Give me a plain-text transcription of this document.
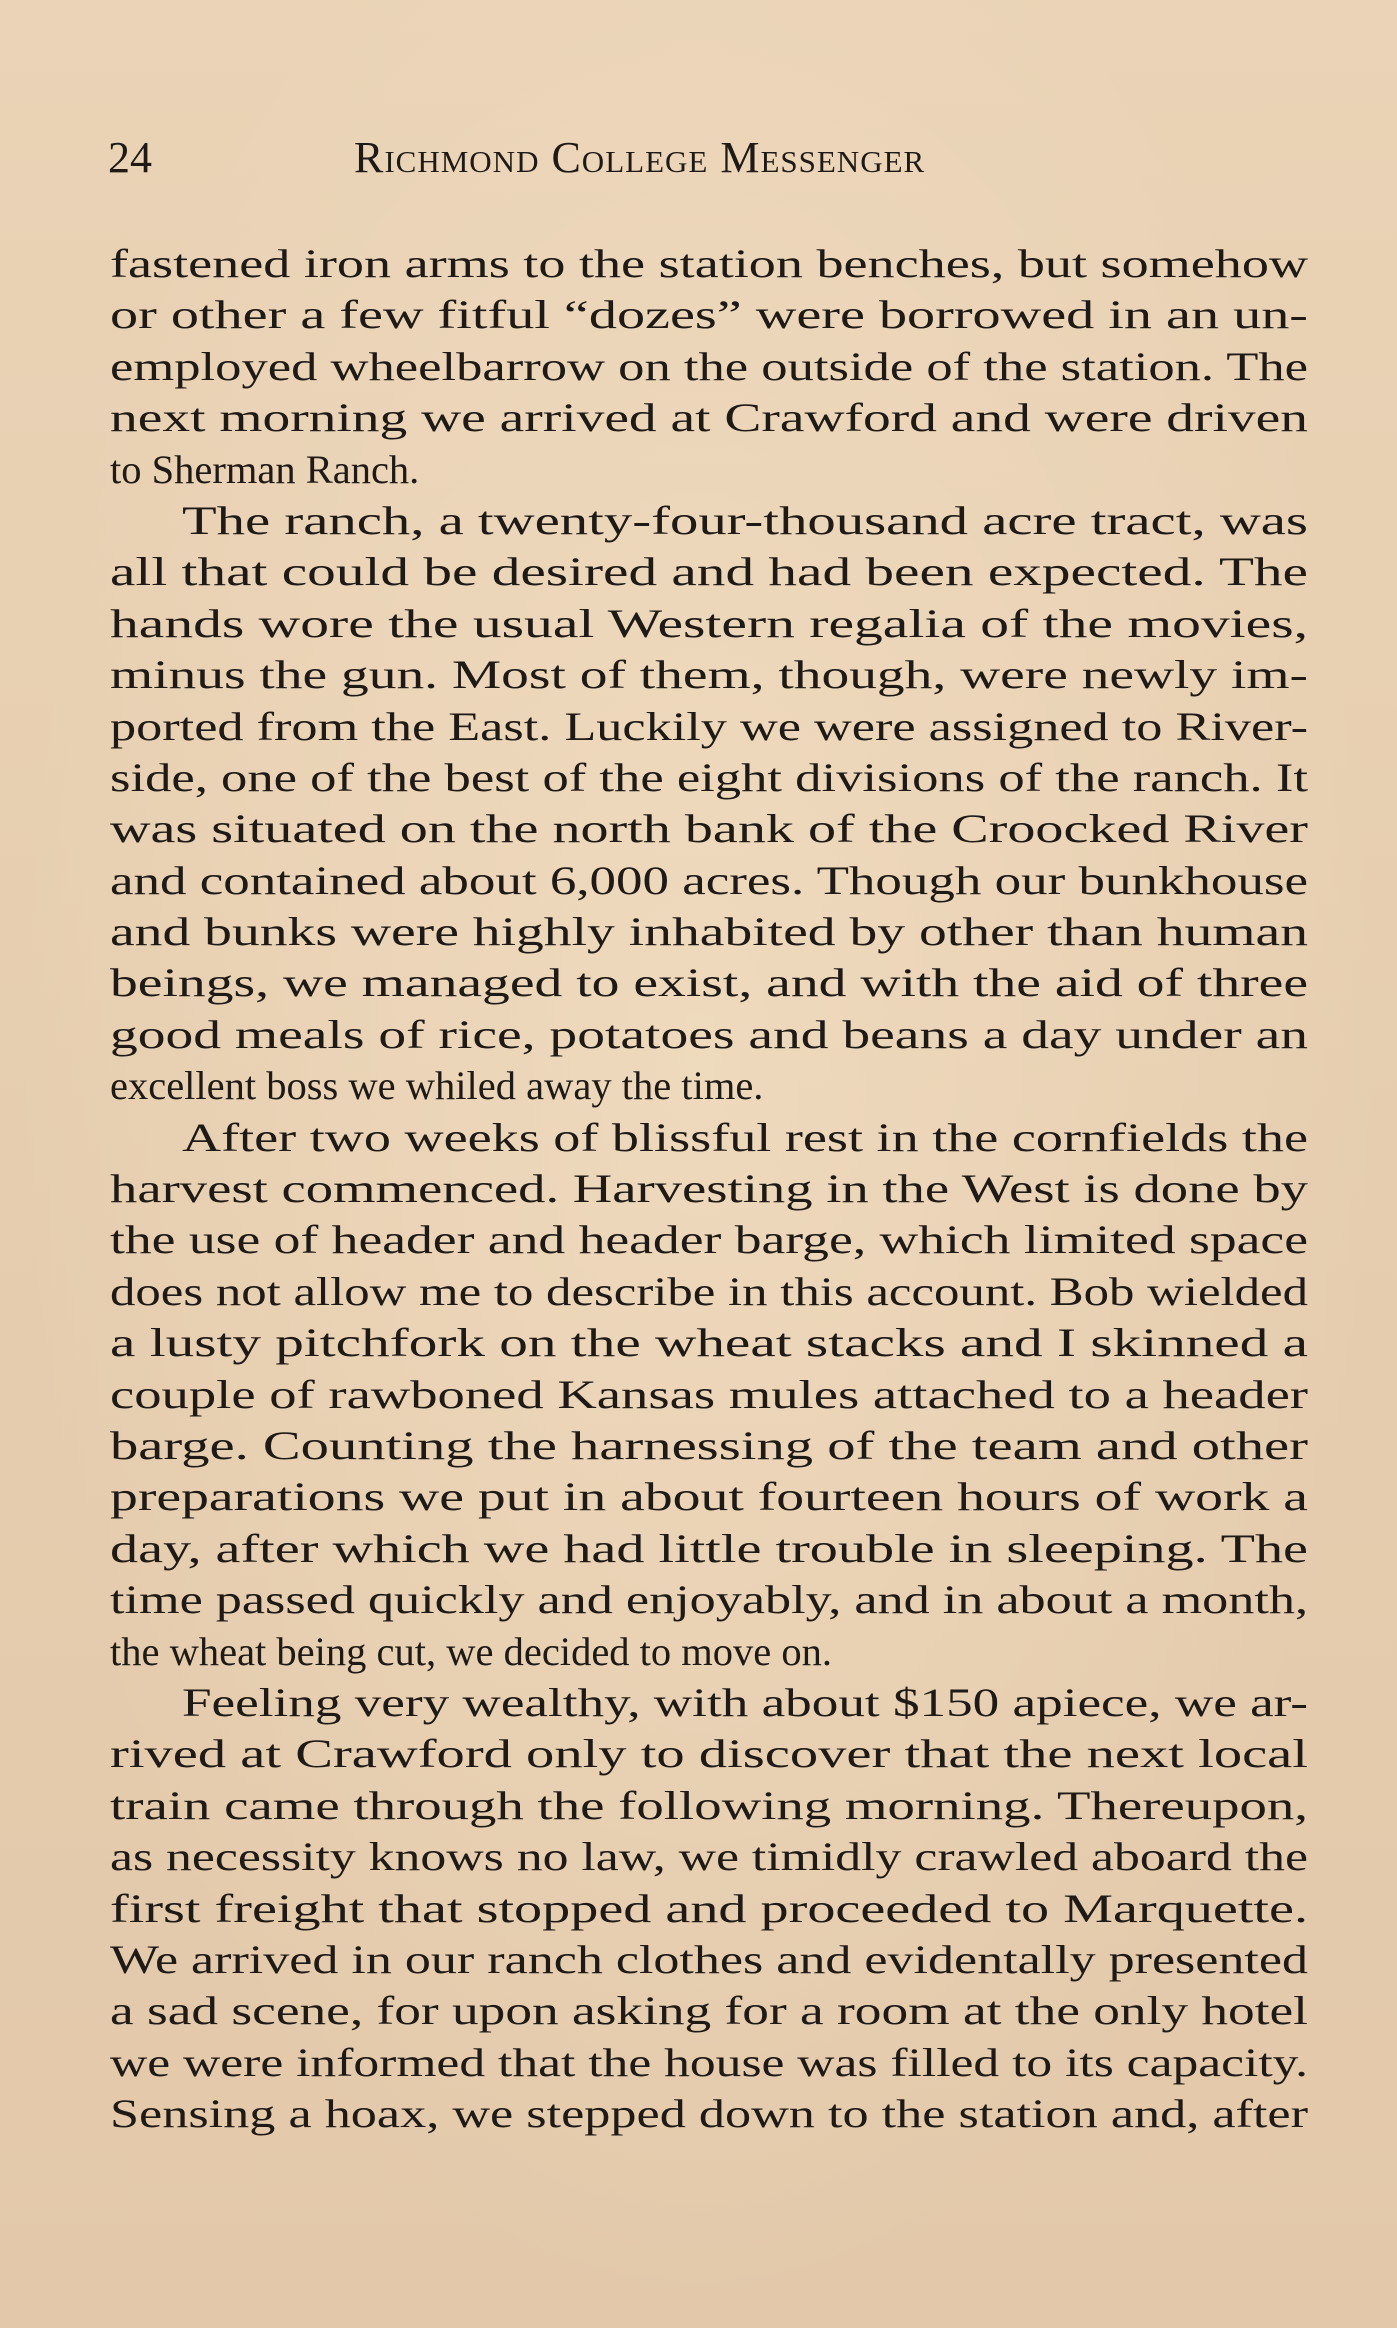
24	Richmond College Messenger
fastened iron arms to the station benches, but somehow
or other a few fitful “dozes” were borrowed in an un-
employed wheelbarrow on the outside of the station. The
next morning we arrived at Crawford and were driven
to Sherman Ranch.
The ranch, a twenty-four-thousand acre tract, was
all that could be desired and had been expected. The
hands wore the usual Western regalia of the movies,
minus the gun. Most of them, though, were newly im-
ported from the East. Luckily we were assigned to River-
side, one of the best of the eight divisions of the ranch. It
was situated on the north bank of the Croocked River
and contained about 6,000 acres. Though our bunkhouse
and bunks were highly inhabited by other than human
beings, we managed to exist, and with the aid of three
good meals of rice, potatoes and beans a day under an
excellent boss we whiled away the time.
After two weeks of blissful rest in the cornfields the
harvest commenced. Harvesting in the West is done by
the use of header and header barge, which limited space
does not allow me to describe in this account. Bob wielded
a lusty pitchfork on the wheat stacks and I skinned a
couple of rawboned Kansas mules attached to a header
barge. Counting the harnessing of the team and other
preparations we put in about fourteen hours of work a
day, after which we had little trouble in sleeping. The
time passed quickly and enjoyably, and in about a month,
the wheat being cut, we decided to move on.
Feeling very wealthy, with about $150 apiece, we ar-
rived at Crawford only to discover that the next local
train came through the following morning. Thereupon,
as necessity knows no law, we timidly crawled aboard the
first freight that stopped and proceeded to Marquette.
We arrived in our ranch clothes and evidentally presented
a sad scene, for upon asking for a room at the only hotel
we were informed that the house was filled to its capacity.
Sensing a hoax, we stepped down to the station and, after
